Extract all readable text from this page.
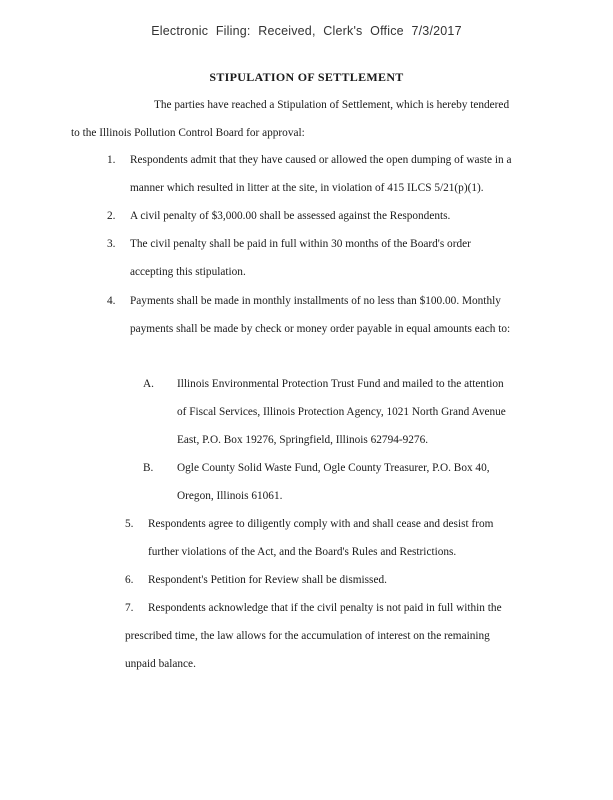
Electronic Filing: Received, Clerk's Office 7/3/2017
STIPULATION OF SETTLEMENT
The parties have reached a Stipulation of Settlement, which is hereby tendered
to the Illinois Pollution Control Board for approval:
1. Respondents admit that they have caused or allowed the open dumping of waste in a
manner which resulted in litter at the site, in violation of 415 ILCS 5/21(p)(1).
2. A civil penalty of $3,000.00 shall be assessed against the Respondents.
3. The civil penalty shall be paid in full within 30 months of the Board's order
accepting this stipulation.
4. Payments shall be made in monthly installments of no less than $100.00. Monthly
payments shall be made by check or money order payable in equal amounts each to:
A. Illinois Environmental Protection Trust Fund and mailed to the attention
of Fiscal Services, Illinois Protection Agency, 1021 North Grand Avenue
East, P.O. Box 19276, Springfield, Illinois 62794-9276.
B. Ogle County Solid Waste Fund, Ogle County Treasurer, P.O. Box 40,
Oregon, Illinois 61061.
5. Respondents agree to diligently comply with and shall cease and desist from
further violations of the Act, and the Board's Rules and Restrictions.
6. Respondent's Petition for Review shall be dismissed.
7. Respondents acknowledge that if the civil penalty is not paid in full within the
prescribed time, the law allows for the accumulation of interest on the remaining
unpaid balance.
